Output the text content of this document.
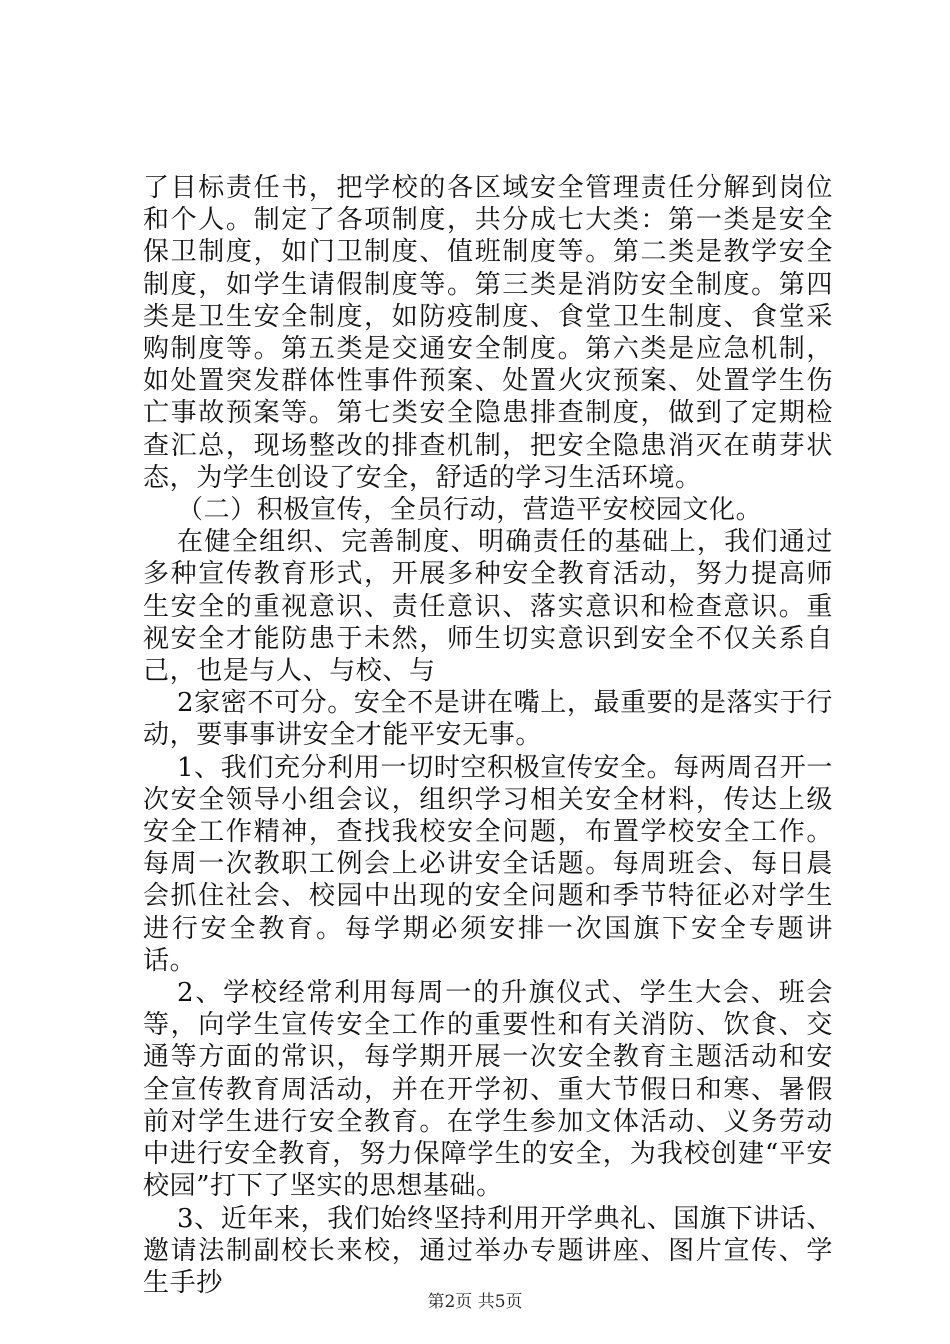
了目标责任书，把学校的各区域安全管理责任分解到岗位和个人。制定了各项制度，共分成七大类：第一类是安全保卫制度，如门卫制度、值班制度等。第二类是教学安全制度，如学生请假制度等。第三类是消防安全制度。第四类是卫生安全制度，如防疫制度、食堂卫生制度、食堂采购制度等。第五类是交通安全制度。第六类是应急机制，如处置突发群体性事件预案、处置火灾预案、处置学生伤亡事故预案等。第七类安全隐患排查制度，做到了定期检查汇总，现场整改的排查机制，把安全隐患消灭在萌芽状态，为学生创设了安全，舒适的学习生活环境。

（二）积极宣传，全员行动，营造平安校园文化。

在健全组织、完善制度、明确责任的基础上，我们通过多种宣传教育形式，开展多种安全教育活动，努力提高师生安全的重视意识、责任意识、落实意识和检查意识。重视安全才能防患于未然，师生切实意识到安全不仅关系自己，也是与人、与校、与

2家密不可分。安全不是讲在嘴上，最重要的是落实于行动，要事事讲安全才能平安无事。

1、我们充分利用一切时空积极宣传安全。每两周召开一次安全领导小组会议，组织学习相关安全材料，传达上级安全工作精神，查找我校安全问题，布置学校安全工作。每周一次教职工例会上必讲安全话题。每周班会、每日晨会抓住社会、校园中出现的安全问题和季节特征必对学生进行安全教育。每学期必须安排一次国旗下安全专题讲话。

2、学校经常利用每周一的升旗仪式、学生大会、班会等，向学生宣传安全工作的重要性和有关消防、饮食、交通等方面的常识，每学期开展一次安全教育主题活动和安全宣传教育周活动，并在开学初、重大节假日和寒、暑假前对学生进行安全教育。在学生参加文体活动、义务劳动中进行安全教育，努力保障学生的安全，为我校创建“平安校园”打下了坚实的思想基础。

3、近年来，我们始终坚持利用开学典礼、国旗下讲话、邀请法制副校长来校，通过举办专题讲座、图片宣传、学生手抄

第2页 共5页
